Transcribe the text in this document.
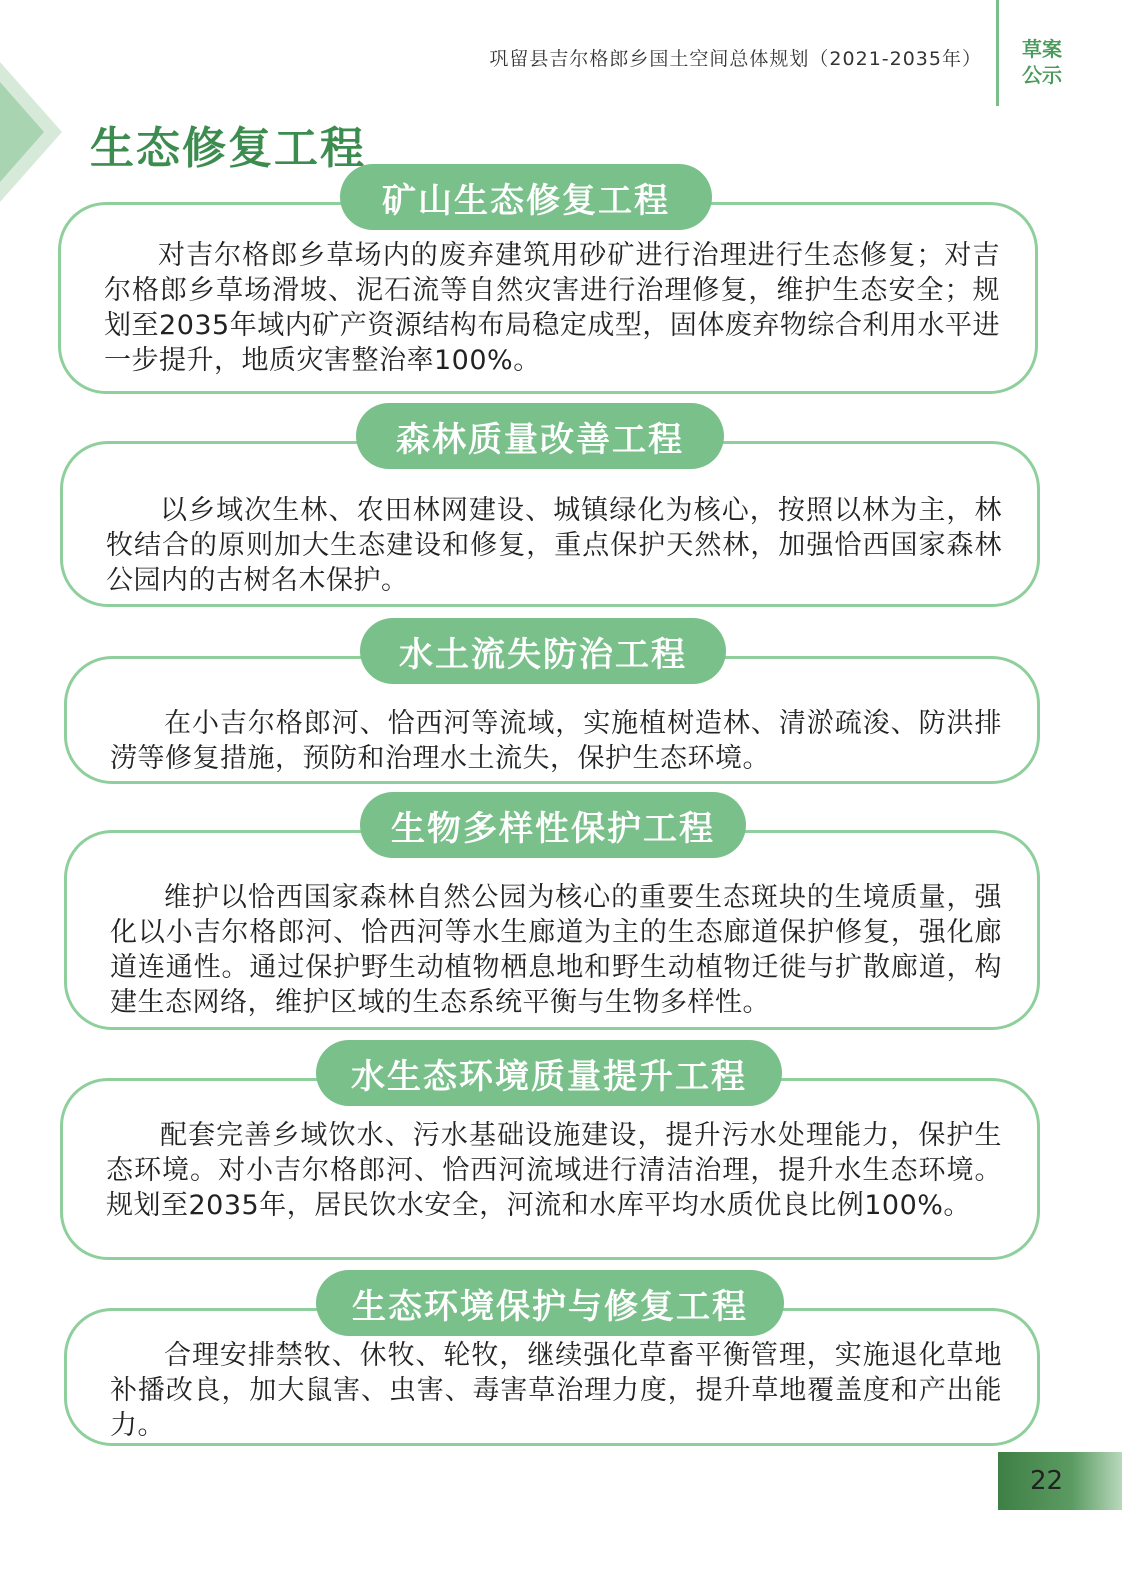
巩留县吉尔格郎乡国土空间总体规划（2021-2035年）	草案
公示
生态修复工程
矿山生态修复工程
对吉尔格郎乡草场内的废弃建筑用砂矿进行治理进行生态修复；对吉尔格郎乡草场滑坡、泥石流等自然灾害进行治理修复，维护生态安全；规划至2035年域内矿产资源结构布局稳定成型，固体废弃物综合利用水平进一步提升，地质灾害整治率100%。
森林质量改善工程
以乡域次生林、农田林网建设、城镇绿化为核心，按照以林为主，林牧结合的原则加大生态建设和修复，重点保护天然林，加强恰西国家森林公园内的古树名木保护。
水土流失防治工程
在小吉尔格郎河、恰西河等流域，实施植树造林、清淤疏浚、防洪排涝等修复措施，预防和治理水土流失，保护生态环境。
生物多样性保护工程
维护以恰西国家森林自然公园为核心的重要生态斑块的生境质量，强化以小吉尔格郎河、恰西河等水生廊道为主的生态廊道保护修复，强化廊道连通性。通过保护野生动植物栖息地和野生动植物迁徙与扩散廊道，构建生态网络，维护区域的生态系统平衡与生物多样性。
水生态环境质量提升工程
配套完善乡域饮水、污水基础设施建设，提升污水处理能力，保护生态环境。对小吉尔格郎河、恰西河流域进行清洁治理，提升水生态环境。规划至2035年，居民饮水安全，河流和水库平均水质优良比例100%。
生态环境保护与修复工程
合理安排禁牧、休牧、轮牧，继续强化草畜平衡管理，实施退化草地补播改良，加大鼠害、虫害、毒害草治理力度，提升草地覆盖度和产出能力。
22
